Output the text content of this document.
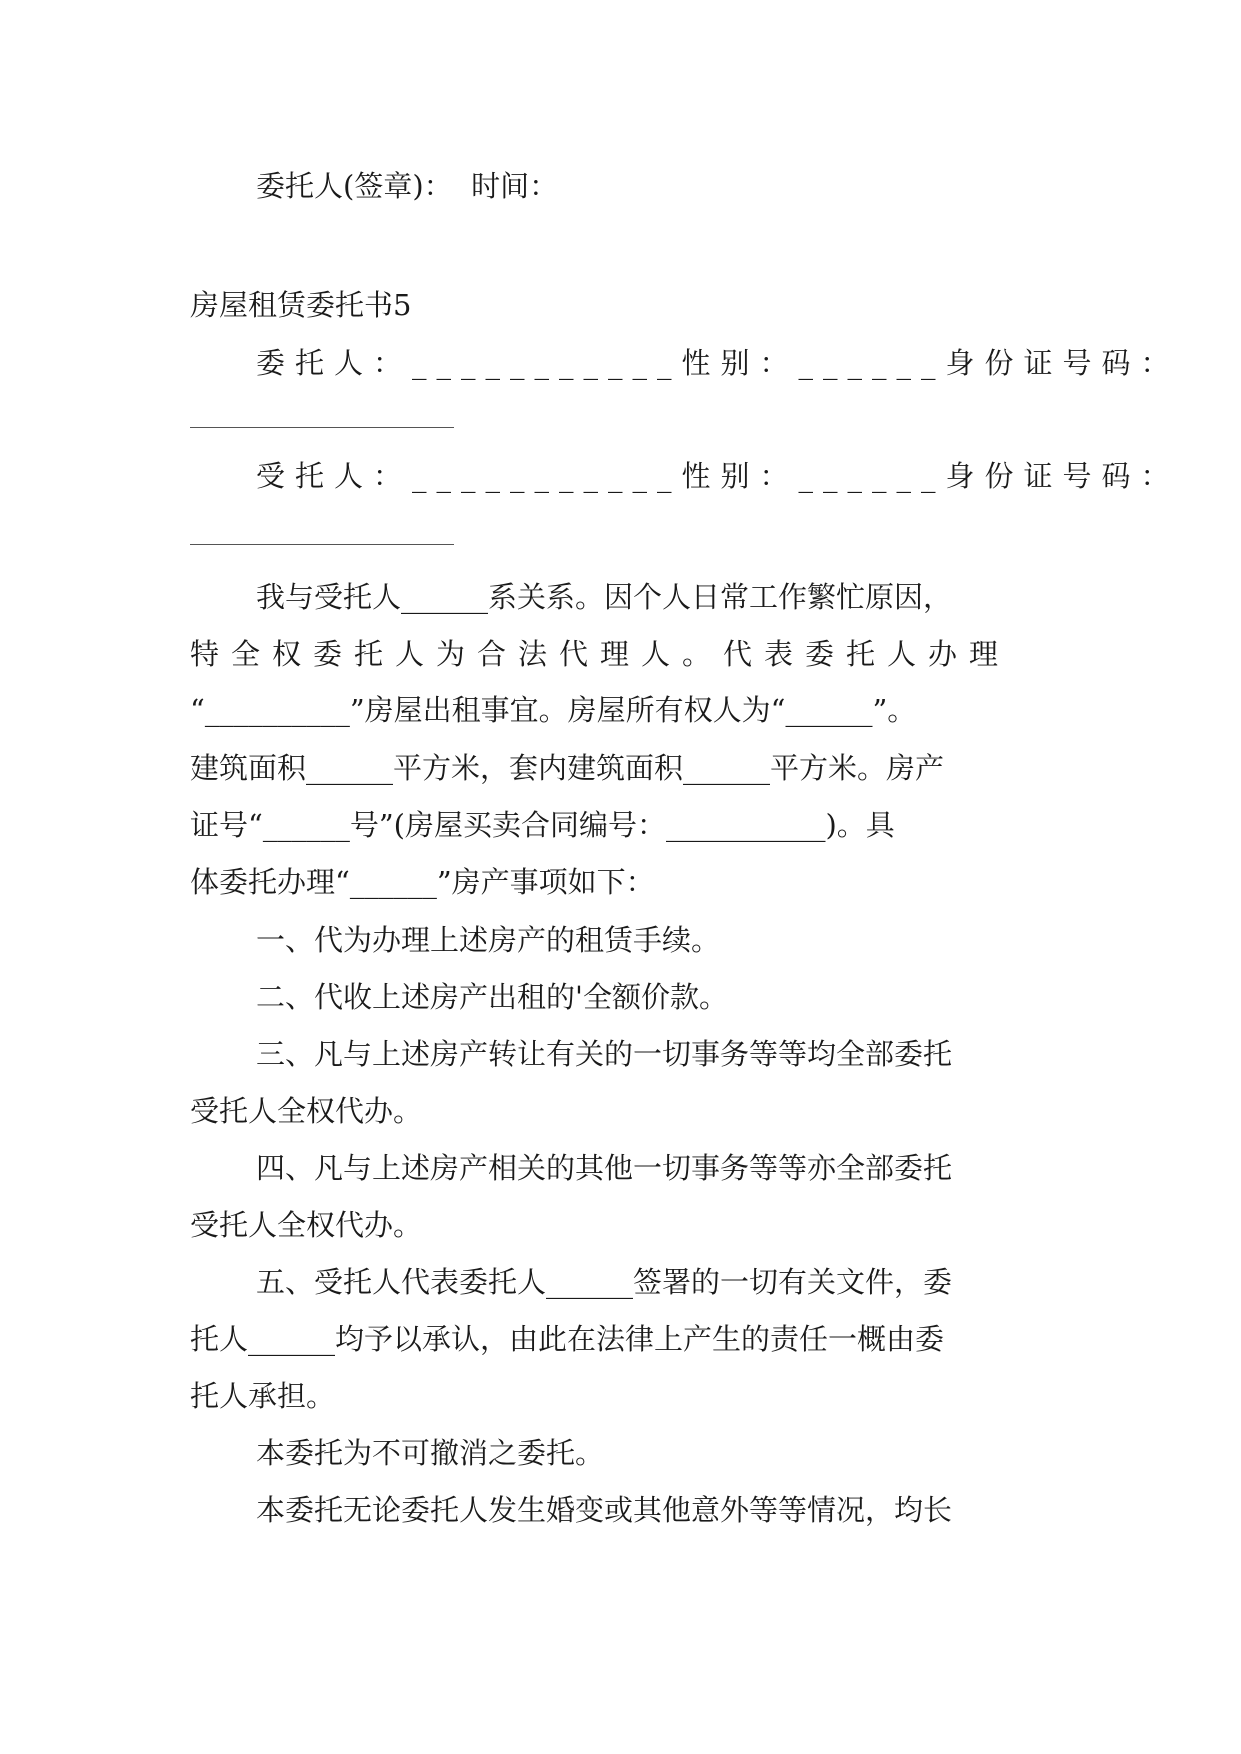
委托人(签章)：  时间：

房屋租赁委托书5

委托人：___________性别：______身份证号码：

受托人：___________性别：______身份证号码：

我与受托人______系关系。因个人日常工作繁忙原因，

特全权委托人为合法代理人。代表委托人办理

“__________”房屋出租事宜。房屋所有权人为“______”。

建筑面积______平方米，套内建筑面积______平方米。房产

证号“______号”(房屋买卖合同编号：___________)。具

体委托办理“______”房产事项如下：

一、代为办理上述房产的租赁手续。

二、代收上述房产出租的'全额价款。

三、凡与上述房产转让有关的一切事务等等均全部委托

受托人全权代办。

四、凡与上述房产相关的其他一切事务等等亦全部委托

受托人全权代办。

五、受托人代表委托人______签署的一切有关文件，委

托人______均予以承认，由此在法律上产生的责任一概由委

托人承担。

本委托为不可撤消之委托。

本委托无论委托人发生婚变或其他意外等等情况，均长
